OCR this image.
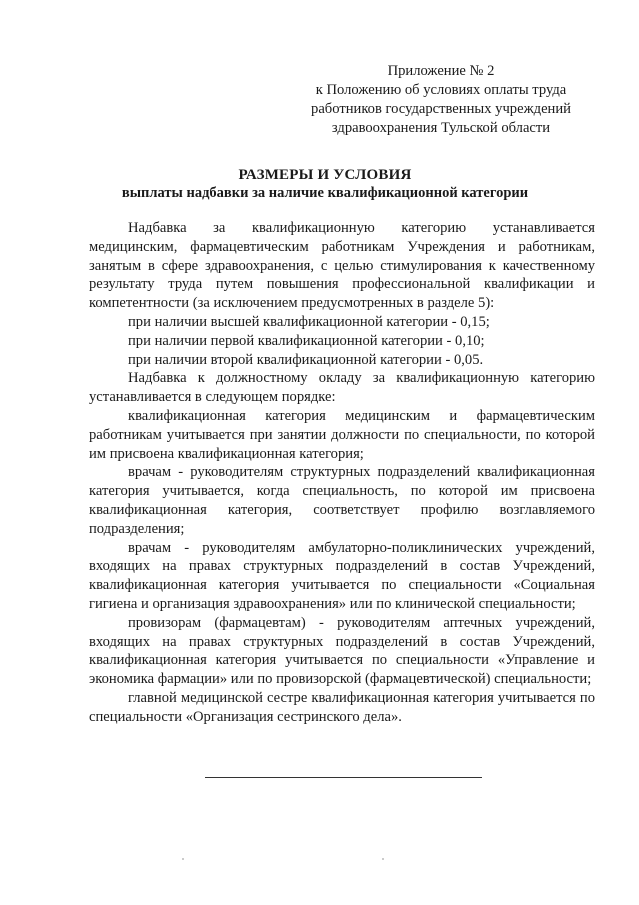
Приложение № 2
к Положению об условиях оплаты труда
работников государственных учреждений
здравоохранения Тульской области
РАЗМЕРЫ И УСЛОВИЯ
выплаты надбавки за наличие квалификационной категории

Надбавка за квалификационную категорию устанавливается медицинским, фармацевтическим работникам Учреждения и работникам, занятым в сфере здравоохранения, с целью стимулирования к качественному результату труда путем повышения профессиональной квалификации и компетентности (за исключением предусмотренных в разделе 5):

при наличии высшей квалификационной категории - 0,15;

при наличии первой квалификационной категории - 0,10;

при наличии второй квалификационной категории - 0,05.

Надбавка к должностному окладу за квалификационную категорию устанавливается в следующем порядке:

квалификационная категория медицинским и фармацевтическим работникам учитывается при занятии должности по специальности, по которой им присвоена квалификационная категория;

врачам - руководителям структурных подразделений квалификационная категория учитывается, когда специальность, по которой им присвоена квалификационная категория, соответствует профилю возглавляемого подразделения;

врачам - руководителям амбулаторно-поликлинических учреждений, входящих на правах структурных подразделений в состав Учреждений, квалификационная категория учитывается по специальности «Социальная гигиена и организация здравоохранения» или по клинической специальности;

провизорам (фармацевтам) - руководителям аптечных учреждений, входящих на правах структурных подразделений в состав Учреждений, квалификационная категория учитывается по специальности «Управление и экономика фармации» или по провизорской (фармацевтической) специальности;

главной медицинской сестре квалификационная категория учитывается по специальности «Организация сестринского дела».
